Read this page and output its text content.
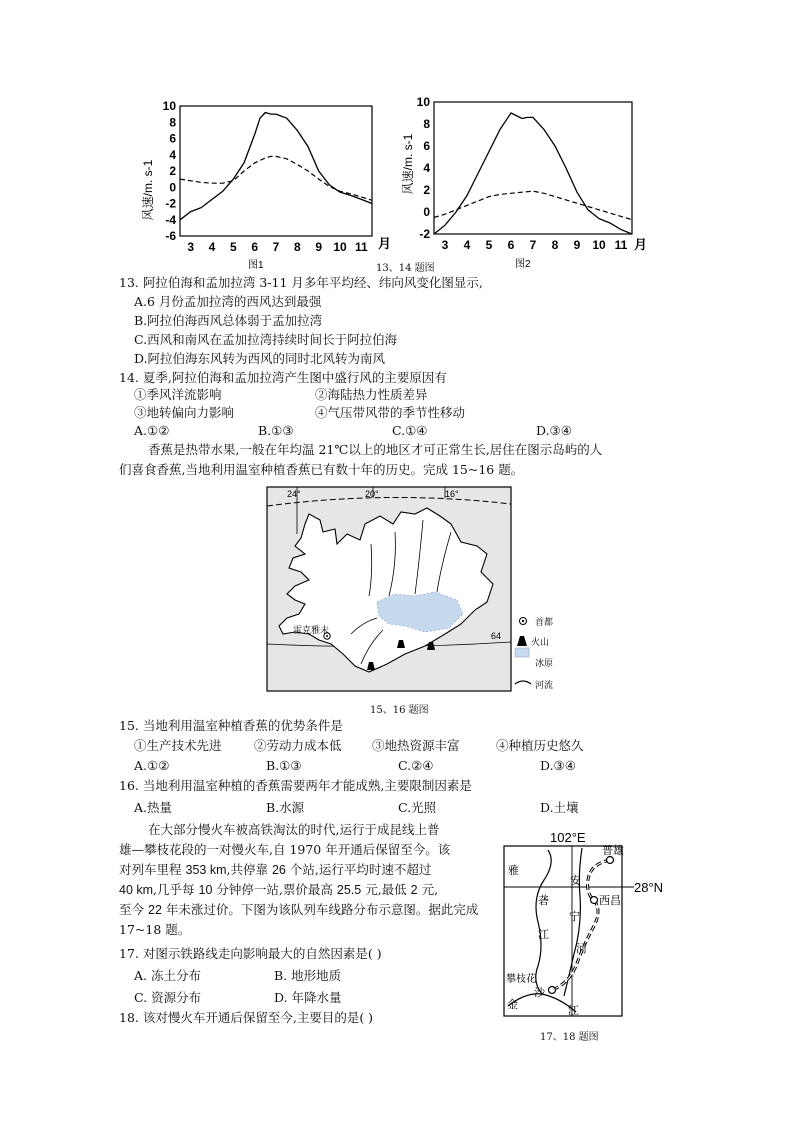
风速/m. s-1
10
8
6
4
2
0
-2
-4
-6
3 4 5 6 7 8 9 10 11 月
图1
风速/m. s-1
10
8
6
4
2
0
-2
3 4 5 6 7 8 9 10 11 月
图2
13、14 题图
13. 阿拉伯海和孟加拉湾 3-11 月多年平均经、纬向风变化图显示,
A.6 月份孟加拉湾的西风达到最强
B.阿拉伯海西风总体弱于孟加拉湾
C.西风和南风在孟加拉湾持续时间长于阿拉伯海
D.阿拉伯海东风转为西风的同时北风转为南风
14. 夏季,阿拉伯海和孟加拉湾产生图中盛行风的主要原因有
①季风洋流影响	②海陆热力性质差异
③地转偏向力影响	④气压带风带的季节性移动
A.①②	B.①③	C.①④	D.③④
香蕉是热带水果,一般在年均温 21℃以上的地区才可正常生长,居住在图示岛屿的人
们喜食香蕉,当地利用温室种植香蕉已有数十年的历史。完成 15~16 题。
24°	20°	16°
64
雷克雅未
首都
火山
冰原
河流
15、16 题图
15. 当地利用温室种植香蕉的优势条件是
①生产技术先进	②劳动力成本低 ③地热资源丰富	④种植历史悠久
A.①②	B.①③	C.②④	D.③④
16. 当地利用温室种植的香蕉需要两年才能成熟,主要限制因素是
A.热量	B.水源	C.光照	D.土壤
在大部分慢火车被高铁淘汰的时代,运行于成昆线上普
雄—攀枝花段的一对慢火车,自 1970 年开通后保留至今。该
对列车里程 353 km,共停靠 26 个站,运行平均时速不超过
40 km,几乎每 10 分钟停一站,票价最高 25.5 元,最低 2 元,
至今 22 年未涨过价。下图为该队列车线路分布示意图。据此完成
17~18 题。
102°E
28°N
普雄
西昌
雅
砻
江
安
宁
河
攀枝花
沙
金	江
17、18 题图
17. 对图示铁路线走向影响最大的自然因素是( )
A. 冻土分布	B. 地形地质
C. 资源分布	D. 年降水量
18. 该对慢火车开通后保留至今,主要目的是( )
